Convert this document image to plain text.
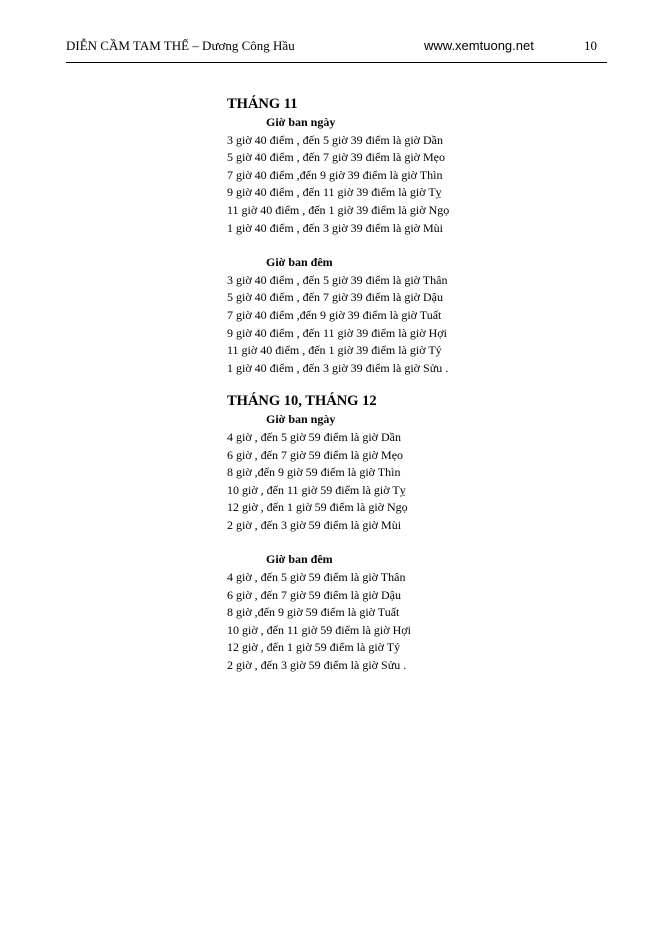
DIỄN CẦM TAM THẾ – Dương Công Hầu	www.xemtuong.net	10

THÁNG 11

Giờ ban ngày

3 giờ 40 điểm , đến 5 giờ 39 điểm là giờ Dần
5 giờ 40 điểm , đến 7 giờ 39 điểm là giờ Mẹo
7 giờ 40 điểm ,đến 9 giờ 39 điểm là giờ Thìn
9 giờ 40 điểm , đến 11 giờ 39 điểm là giờ Tỵ
11 giờ 40 điểm , đến 1 giờ 39 điểm là giờ Ngọ
1 giờ 40 điểm , đến 3 giờ 39 điểm là giờ Mùi

Giờ ban đêm

3 giờ 40 điểm , đến 5 giờ 39 điểm là giờ Thân
5 giờ 40 điểm , đến 7 giờ 39 điểm là giờ Dậu
7 giờ 40 điểm ,đến 9 giờ 39 điểm là giờ Tuất
9 giờ 40 điểm , đến 11 giờ 39 điểm là giờ Hợi
11 giờ 40 điểm , đến 1 giờ 39 điểm là giờ Tý
1 giờ 40 điểm , đến 3 giờ 39 điểm là giờ Sửu .

THÁNG 10, THÁNG 12

Giờ ban ngày

4 giờ , đến 5 giờ 59 điểm là giờ Dần
6 giờ , đến 7 giờ 59 điểm là giờ Mẹo
8 giờ ,đến 9 giờ 59 điểm là giờ Thìn
10 giờ , đến 11 giờ 59 điểm là giờ Tỵ
12 giờ , đến 1 giờ 59 điểm là giờ Ngọ
2 giờ , đến 3 giờ 59 điểm là giờ Mùi

Giờ ban đêm

4 giờ , đến 5 giờ 59 điểm là giờ Thân
6 giờ , đến 7 giờ 59 điểm là giờ Dậu
8 giờ ,đến 9 giờ 59 điểm là giờ Tuất
10 giờ , đến 11 giờ 59 điểm là giờ Hợi
12 giờ , đến 1 giờ 59 điểm là giờ Tý
2 giờ , đến 3 giờ 59 điểm là giờ Sửu .
